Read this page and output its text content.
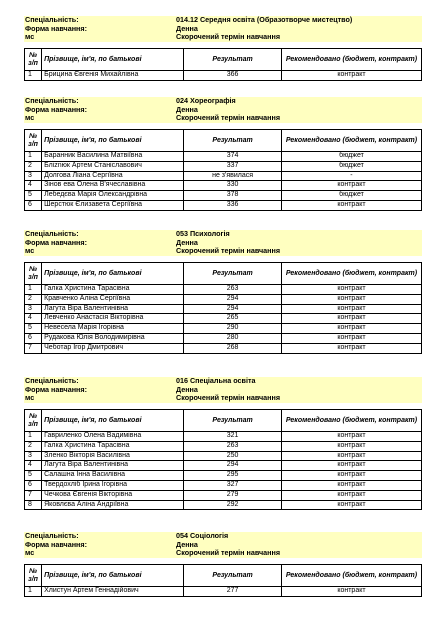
Спеціальність:	014.12 Середня освіта (Образотворче мистецтво)
Форма навчання:	Денна
мс	Скорочений термін навчання
№ з/п	Прізвище, ім'я, по батькові	Результат	Рекомендовано (бюджет, контракт)
1	Брицина Євгенія Михайлівна	366	контракт
Спеціальність:	024 Хореографія
Форма навчання:	Денна
мс	Скорочений термін навчання
№ з/п	Прізвище, ім'я, по батькові	Результат	Рекомендовано (бюджет, контракт)
1	Баранник Василина Матвіївна	374	бюджет
2	Бліznюк Артем Станіславович	337	бюджет
3	Долгова Ліана Сергіївна	не з'явилася	-
4	Зінов ева Олена В'ячеславівна	330	контракт
5	Лебедєва Марія Олександрівна	378	бюджет
6	Шерстюк Єлизавета Сергіївна	336	контракт
Спеціальність:	053 Психологія
Форма навчання:	Денна
мс	Скорочений термін навчання
№ з/п	Прізвище, ім'я, по батькові	Результат	Рекомендовано (бюджет, контракт)
1	Галка Христина Тарасівна	263	контракт
2	Кравченко Аліна Сергіївна	294	контракт
3	Лагута Віра Валентинівна	294	контракт
4	Левченко Анастасія Вікторівна	265	контракт
5	Невесела Марія Ігорівна	290	контракт
6	Рудакова Юлія Володимирівна	280	контракт
7	Чеботар Ігор Дмитрович	268	контракт
Спеціальність:	016 Спеціальна освіта
Форма навчання:	Денна
мс	Скорочений термін навчання
№ з/п	Прізвище, ім'я, по батькові	Результат	Рекомендовано (бюджет, контракт)
1	Гавриленко Олена Вадимівна	321	контракт
2	Галка Христина Тарасівна	263	контракт
3	Зленко Вікторія Василівна	250	контракт
4	Лагута Віра Валентинівна	294	контракт
5	Салашна Інна Василівна	295	контракт
6	Твердохліб Ірина Ігорівна	327	контракт
7	Чечкова Євгенія Вікторівна	279	контракт
8	Яковлєва Аліна Андріївна	292	контракт
Спеціальність:	054 Соціологія
Форма навчання:	Денна
мс	Скорочений термін навчання
№ з/п	Прізвище, ім'я, по батькові	Результат	Рекомендовано (бюджет, контракт)
1	Хлистун Артем Геннадійович	277	контракт
